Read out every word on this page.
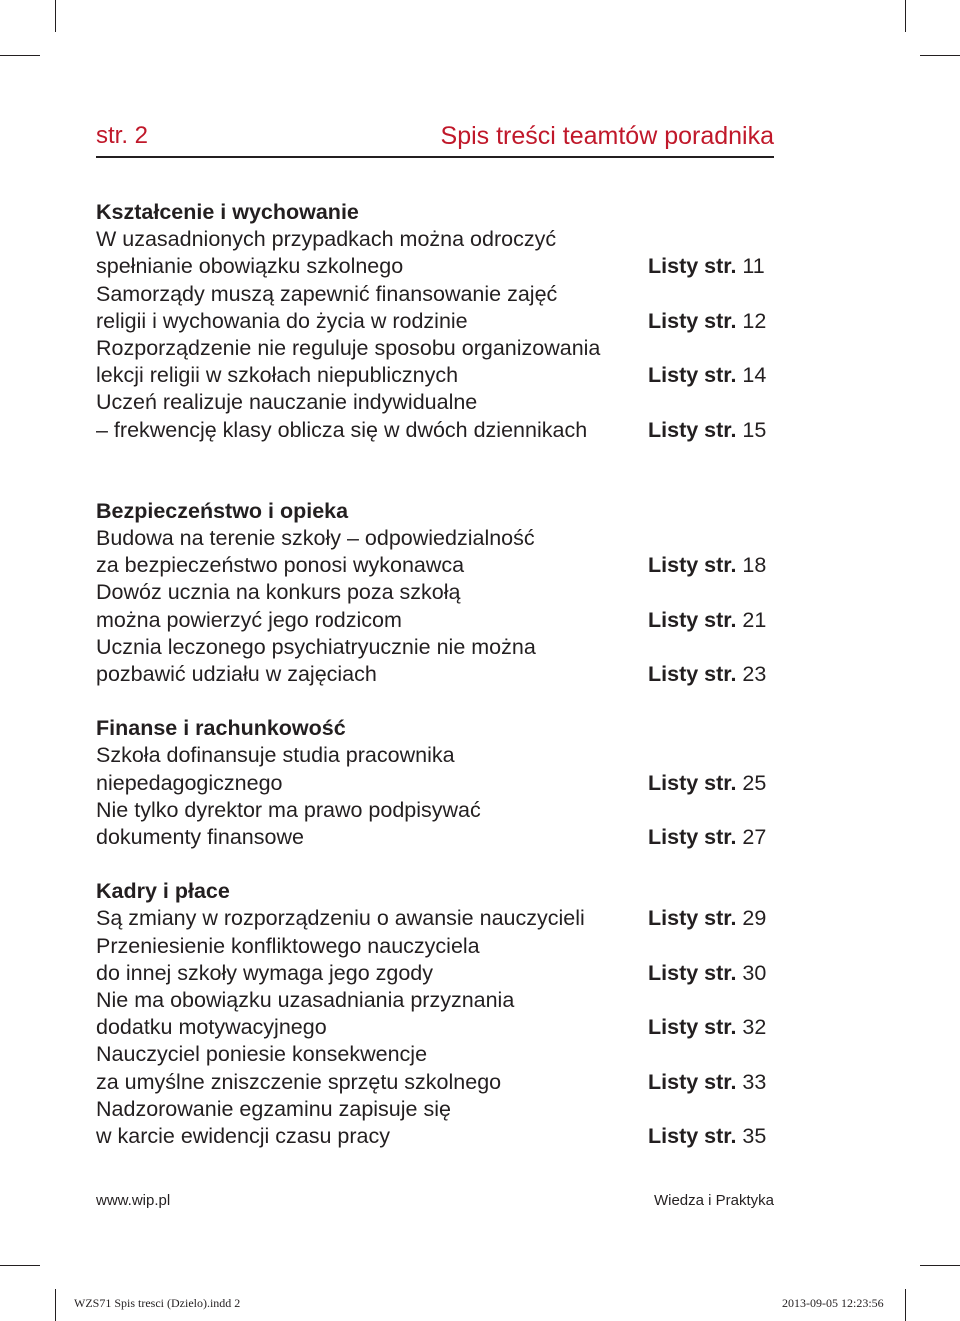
str. 2	Spis treści teamtów poradnika
Kształcenie i wychowanie
W uzasadnionych przypadkach można odroczyć
spełnianie obowiązku szkolnego	Listy str. 11
Samorządy muszą zapewnić finansowanie zajęć
religii i wychowania do życia w rodzinie	Listy str. 12
Rozporządzenie nie reguluje sposobu organizowania
lekcji religii w szkołach niepublicznych	Listy str. 14
Uczeń realizuje nauczanie indywidualne
– frekwencję klasy oblicza się w dwóch dziennikach	Listy str. 15
Bezpieczeństwo i opieka
Budowa na terenie szkoły – odpowiedzialność
za bezpieczeństwo ponosi wykonawca	Listy str. 18
Dowóz ucznia na konkurs poza szkołą
można powierzyć jego rodzicom	Listy str. 21
Ucznia leczonego psychiatryucznie nie można
pozbawić udziału w zajęciach	Listy str. 23
Finanse i rachunkowość
Szkoła dofinansuje studia pracownika
niepedagogicznego	Listy str. 25
Nie tylko dyrektor ma prawo podpisywać
dokumenty finansowe	Listy str. 27
Kadry i płace
Są zmiany w rozporządzeniu o awansie nauczycieli	Listy str. 29
Przeniesienie konfliktowego nauczyciela
do innej szkoły wymaga jego zgody	Listy str. 30
Nie ma obowiązku uzasadniania przyznania
dodatku motywacyjnego	Listy str. 32
Nauczyciel poniesie konsekwencje
za umyślne zniszczenie sprzętu szkolnego	Listy str. 33
Nadzorowanie egzaminu zapisuje się
w karcie ewidencji czasu pracy	Listy str. 35
www.wip.pl	Wiedza i Praktyka
WZS71 Spis tresci (Dzielo).indd 2	2013-09-05 12:23:56
